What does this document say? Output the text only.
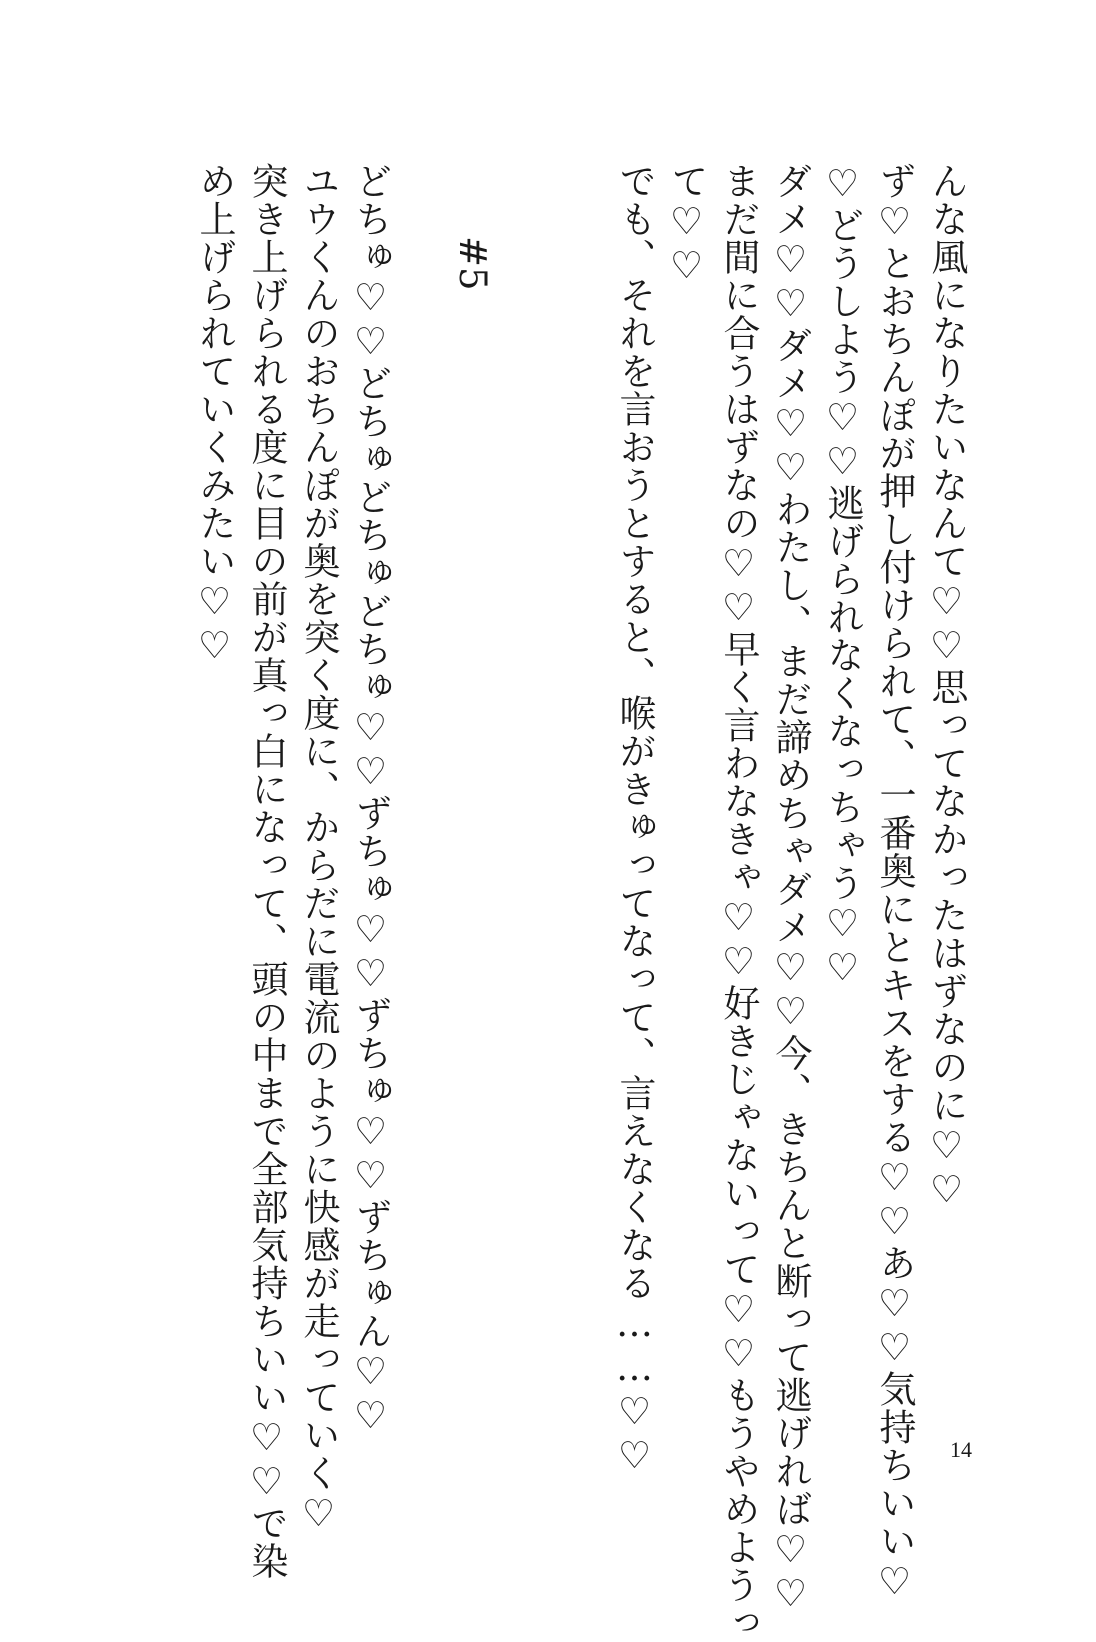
んな風になりたいなんて♡♡思ってなかったはずなのに♡♡

ず♡とおちんぽが押し付けられて、一番奥にとキスをする♡♡あ♡♡気持ちいい♡

♡どうしよう♡♡逃げられなくなっちゃう♡♡

ダメ♡♡ダメ♡♡わたし、まだ諦めちゃダメ♡♡今、きちんと断って逃げれば♡♡

まだ間に合うはずなの♡♡早く言わなきゃ♡♡好きじゃないって♡♡もうやめようっ

て♡♡

でも、それを言おうとすると、喉がきゅってなって、言えなくなる……♡♡

#5

どちゅ♡♡どちゅどちゅどちゅ♡♡ずちゅ♡♡ずちゅ♡♡ずちゅん♡♡

ユウくんのおちんぽが奥を突く度に、からだに電流のように快感が走っていく♡

突き上げられる度に目の前が真っ白になって、頭の中まで全部気持ちいい♡♡で染

め上げられていくみたい♡♡

14
